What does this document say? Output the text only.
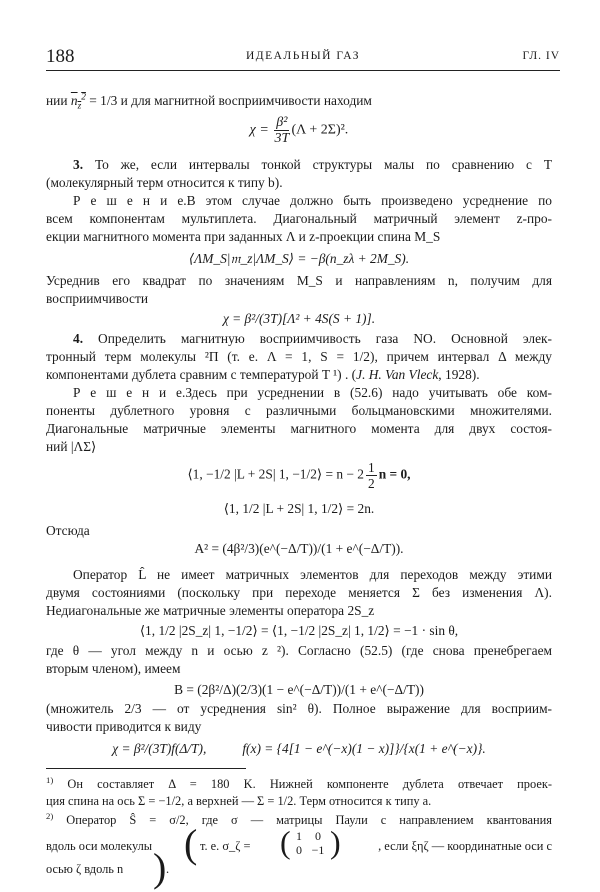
188	ИДЕАЛЬНЫЙ ГАЗ	ГЛ. IV
нии $n_z^2 = 1/3$ и для магнитной восприимчивости находим
$\chi = \frac{\text{β²}}{3T} (\Lambda + 2\Sigma)^2$.
3. То же, если интервалы тонкой структуры малы по сравнению с T
(молекулярный терм относится к типу b).
Р е ш е н и е.В этом случае должно быть произведено усреднение по
всем компонентам мультиплета. Диагональный матричный элемент z-про-
екции магнитного момента при заданных Λ и z-проекции спина M_S
⟨ΛM_S|𝔪_z|ΛM_S⟩ = −β(n_zλ + 2M_S).
Усреднив его квадрат по значениям M_S и направлениям n, получим для
восприимчивости
χ = β²/(3T)[Λ² + 4S(S + 1)].
4. Определить магнитную восприимчивость газа NO. Основной элек-
тронный терм молекулы ²Π (т. е. Λ = 1, S = 1/2), причем интервал Δ между
компонентами дублета сравним с температурой T ¹) . (J. H. Van Vleck, 1928).
Р е ш е н и е.Здесь при усреднении в (52.6) надо учитывать обе ком-
поненты дублетного уровня с различными больцмановскими множителями.
Диагональные матричные элементы магнитного момента для двух состоя-
ний |ΛΣ⟩
⟨1, −1/2 |L + 2S| 1, −1/2⟩ = $n - 2 \frac{1}{2}$ n = 0,
⟨1, 1/2 |L + 2S| 1, 1/2⟩ = 2n.
Отсюда
A² = (4β²/3)(e^(−Δ/T))/(1 + e^(−Δ/T)).
Оператор L̂ не имеет матричных элементов для переходов между этими
двумя состояниями (поскольку при переходе меняется Σ без изменения Λ).
Недиагональные же матричные элементы оператора 2S_z
⟨1, 1/2 |2S_z| 1, −1/2⟩ = ⟨1, −1/2 |2S_z| 1, 1/2⟩ = −1 · sin θ,
где θ — угол между n и осью z ²). Согласно (52.5) (где снова пренебрегаем
вторым членом), имеем
B = (2β²/Δ)(2/3)(1 − e^(−Δ/T))/(1 + e^(−Δ/T))
(множитель 2/3 — от усреднения sin² θ). Полное выражение для восприим-
чивости приводится к виду
χ = β²/(3T)f(Δ/T),	f(x) = {4[1 − e^(−x)(1 − x)]}/{x(1 + e^(−x)}.
$^{1)}$ Он составляет Δ = 180 K. Нижней компоненте дублета отвечает проек-
ция спина на ось Σ = −1/2, а верхней — Σ = 1/2. Терм относится к типу a.
$^{2)}$ Оператор Ŝ = σ/2, где σ — матрицы Паули с направлением квантования
вдоль оси молекулы ( т. е. σ_ζ = ( 1 0
0 −1 )	, если ξηζ — координатные оси с
осью ζ вдоль n ) .
